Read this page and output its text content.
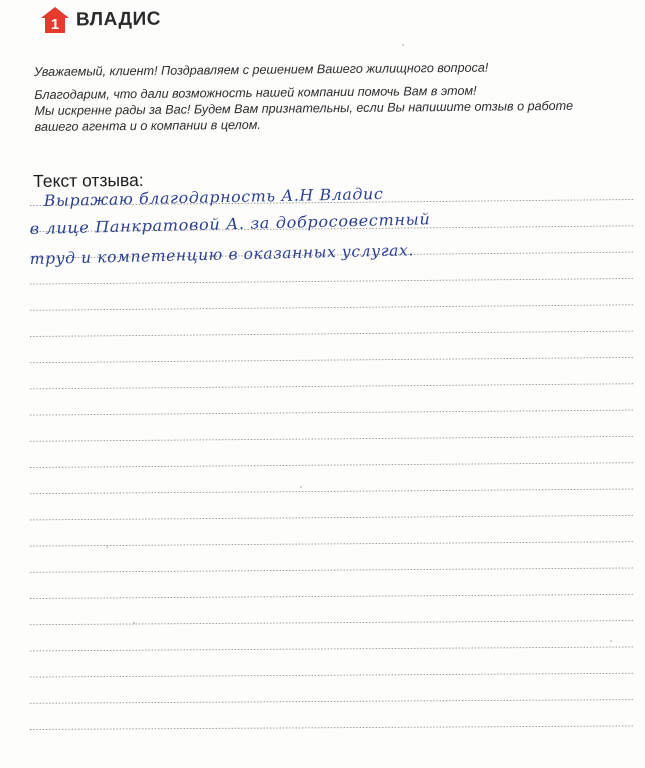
1 ВЛАДИС

Уважаемый, клиент! Поздравляем с решением Вашего жилищного вопроса!

Благодарим, что дали возможность нашей компании помочь Вам в этом!

Мы искренне рады за Вас! Будем Вам признательны, если Вы напишите отзыв о работе

вашего агента и о компании в целом.

Текст отзыва:
Выражаю благодарность А.Н Владис
в лице Панкратовой А. за добросовестный
труд и компетенцию в оказанных услугах.
